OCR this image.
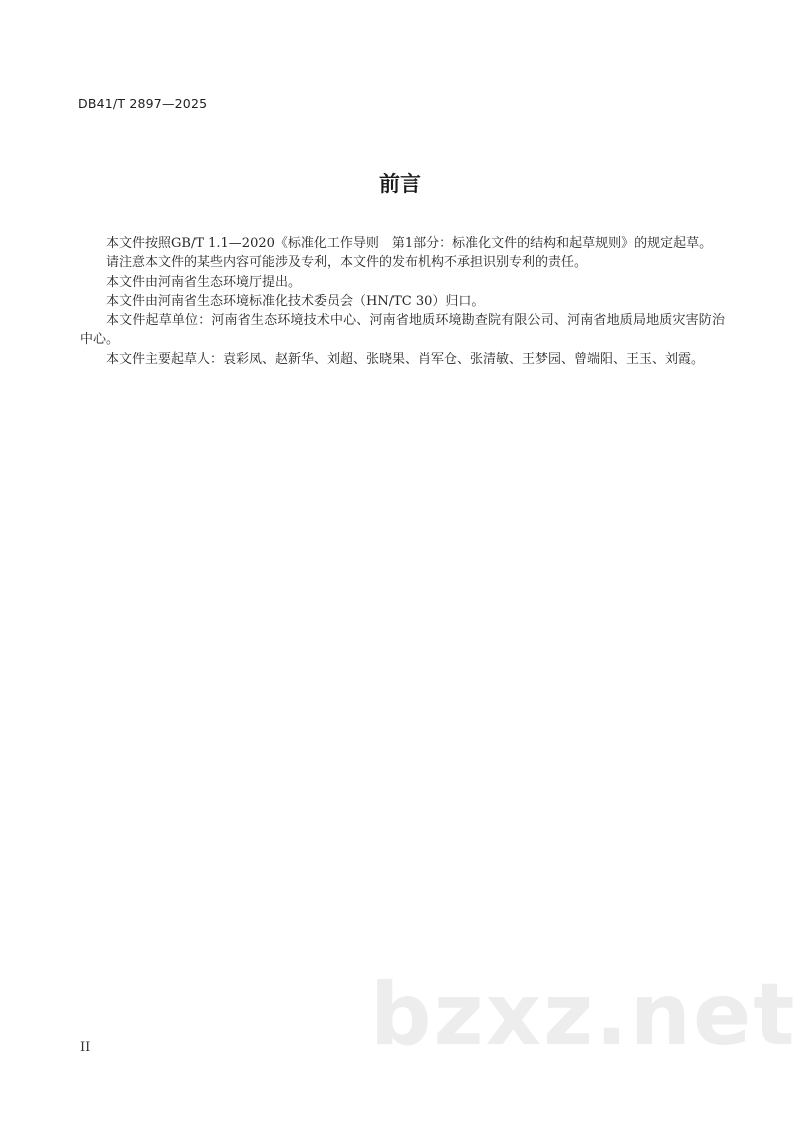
DB41/T 2897—2025
前言

本文件按照GB/T 1.1—2020《标准化工作导则　第1部分：标准化文件的结构和起草规则》的规定起草。

请注意本文件的某些内容可能涉及专利，本文件的发布机构不承担识别专利的责任。

本文件由河南省生态环境厅提出。

本文件由河南省生态环境标准化技术委员会（HN/TC 30）归口。

本文件起草单位：河南省生态环境技术中心、河南省地质环境勘查院有限公司、河南省地质局地质灾害防治中心。

本文件主要起草人：袁彩凤、赵新华、刘超、张晓果、肖军仓、张清敏、王梦园、曾端阳、王玉、刘霞。

II	bzxz.net
